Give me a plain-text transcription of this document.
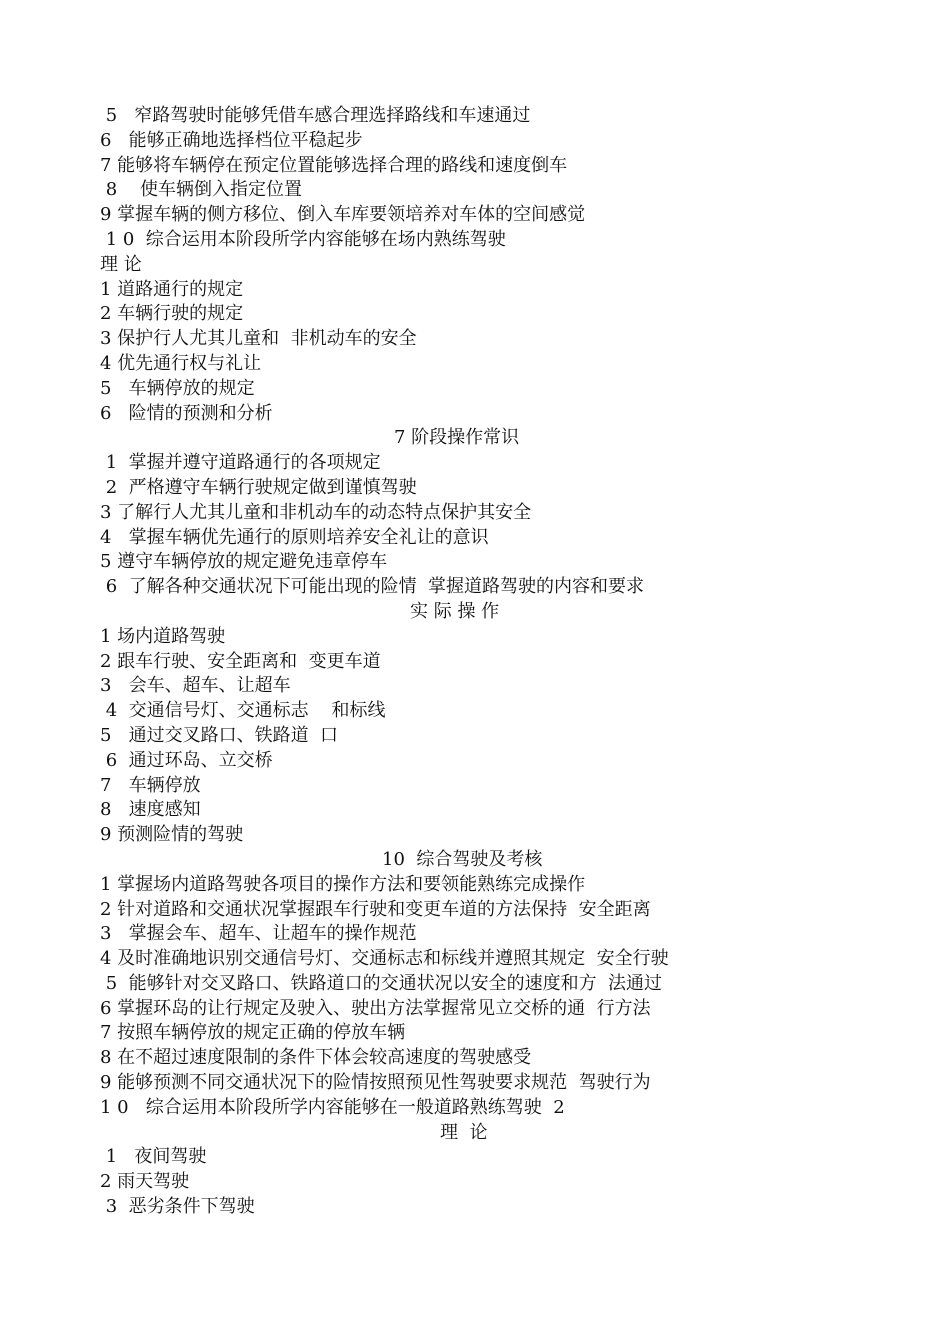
5   窄路驾驶时能够凭借车感合理选择路线和车速通过
6   能够正确地选择档位平稳起步
7 能够将车辆停在预定位置能够选择合理的路线和速度倒车
8    使车辆倒入指定位置
9 掌握车辆的侧方移位、倒入车库要领培养对车体的空间感觉
1 0  综合运用本阶段所学内容能够在场内熟练驾驶
理 论
1 道路通行的规定
2 车辆行驶的规定
3 保护行人尤其儿童和  非机动车的安全
4 优先通行权与礼让
5   车辆停放的规定
6   险情的预测和分析
7 阶段操作常识
1  掌握并遵守道路通行的各项规定
2  严格遵守车辆行驶规定做到谨慎驾驶
3 了解行人尤其儿童和非机动车的动态特点保护其安全
4   掌握车辆优先通行的原则培养安全礼让的意识
5 遵守车辆停放的规定避免违章停车
6  了解各种交通状况下可能出现的险情  掌握道路驾驶的内容和要求
实 际 操 作
1 场内道路驾驶
2 跟车行驶、安全距离和  变更车道
3   会车、超车、让超车
4  交通信号灯、交通标志    和标线
5   通过交叉路口、铁路道  口
6  通过环岛、立交桥
7   车辆停放
8   速度感知
9 预测险情的驾驶
10  综合驾驶及考核
1 掌握场内道路驾驶各项目的操作方法和要领能熟练完成操作
2 针对道路和交通状况掌握跟车行驶和变更车道的方法保持  安全距离
3   掌握会车、超车、让超车的操作规范
4 及时准确地识别交通信号灯、交通标志和标线并遵照其规定  安全行驶
5  能够针对交叉路口、铁路道口的交通状况以安全的速度和方  法通过
6 掌握环岛的让行规定及驶入、驶出方法掌握常见立交桥的通  行方法
7 按照车辆停放的规定正确的停放车辆
8 在不超过速度限制的条件下体会较高速度的驾驶感受
9 能够预测不同交通状况下的险情按照预见性驾驶要求规范  驾驶行为
1 0   综合运用本阶段所学内容能够在一般道路熟练驾驶  2
理  论
1   夜间驾驶
2 雨天驾驶
3  恶劣条件下驾驶
